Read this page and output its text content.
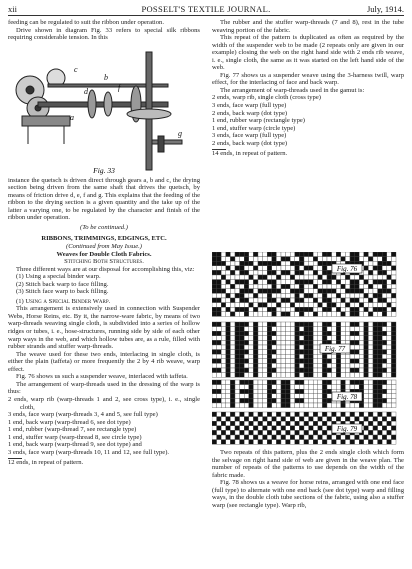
xii	POSSELT'S TEXTILE JOURNAL.	July, 1914.

feeding can be regulated to suit the ribbon under operation.

Drive shown in diagram Fig. 33 refers to special silk ribbons requiring considerable tension. In this

c
b
d	f
a
g
Fig. 33

instance the quetsch is driven direct through gears a, b and c, the drying section being driven from the same shaft that drives the quetsch, by means of friction drive d, e, f and g. This explains that the feeding of the ribbon to the drying section is a given quantity and the take up of the latter a varying one, to be regulated by the character and finish of the ribbon under operation.

(To be continued.)

RIBBONS, TRIMMINGS, EDGINGS, ETC.

(Continued from May Issue.)

Weaves for Double Cloth Fabrics.

Stitching Both Structures.

Three different ways are at our disposal for accomplishing this, viz:

(1) Using a special binder warp.

(2) Stitch back warp to face filling.

(3) Stitch face warp to back filling.

(1) Using a Special Binder Warp.

This arrangement is extensively used in connection with Suspender Webs, Horse Reins, etc. By it, the narrow-ware fabric, by means of two warp-threads weaving single cloth, is subdivided into a series of hollow ridges or tubes, i. e., hose-structures, running side by side of each other warp ways in the web, and which hollow tubes are, as a rule, filled with rubber strands and stuffer warp-threads.

The weave used for these two ends, interlacing in single cloth, is either the plain (taffeta) or more frequently the 2 by 4 rib weave, warp effect.

Fig. 76 shows us such a suspender weave, interlaced with taffeta.

The arrangement of warp-threads used in the dressing of the warp is thus:

2 ends, warp rib (warp-threads 1 and 2, see cross type), i. e., single cloth,

3 ends, face warp (warp-threads 3, 4 and 5, see full type)

1 end, back warp (warp-thread 6, see dot type)

1 end, rubber (warp-thread 7, see rectangle type)

1 end, stuffer warp (warp-thread 8, see circle type)

1 end, back warp (warp-thread 9, see dot type) and

3 ends, face warp (warp-threads 10, 11 and 12, see full type).

12 ends, in repeat of pattern.

The rubber and the stuffer warp-threads (7 and 8), rest in the tube weaving portion of the fabric.

This repeat of the pattern is duplicated as often as required by the width of the suspender web to be made (2 repeats only are given in our example) closing the web on the right hand side with 2 ends rib weave, i. e., single cloth, the same as it was started on the left hand side of the web.

Fig. 77 shows us a suspender weave using the 3-harness twill, warp effect, for the interlacing of face and back warp.

The arrangement of warp-threads used in the gamut is:

2 ends, warp rib, single cloth (cross type)

3 ends, face warp (full type)

2 ends, back warp (dot type)

1 end, rubber warp (rectangle type)

1 end, stuffer warp (circle type)

3 ends, face warp (full type)

2 ends, back warp (dot type)

14 ends, in repeat of pattern.

Fig. 76
Fig. 77
Fig. 78
Fig. 79

Two repeats of this pattern, plus the 2 ends single cloth which form the selvage on right hand side of web are given in the weave plan. The number of repeats of the patterns to use depends on the width of the fabric made.

Fig. 78 shows us a weave for horse reins, arranged with one end face (full type) to alternate with one end back (see dot type) warp and filling ways, in the double cloth tube sections of the fabric, using also a stuffer warp (see rectangle type). Warp rib,
